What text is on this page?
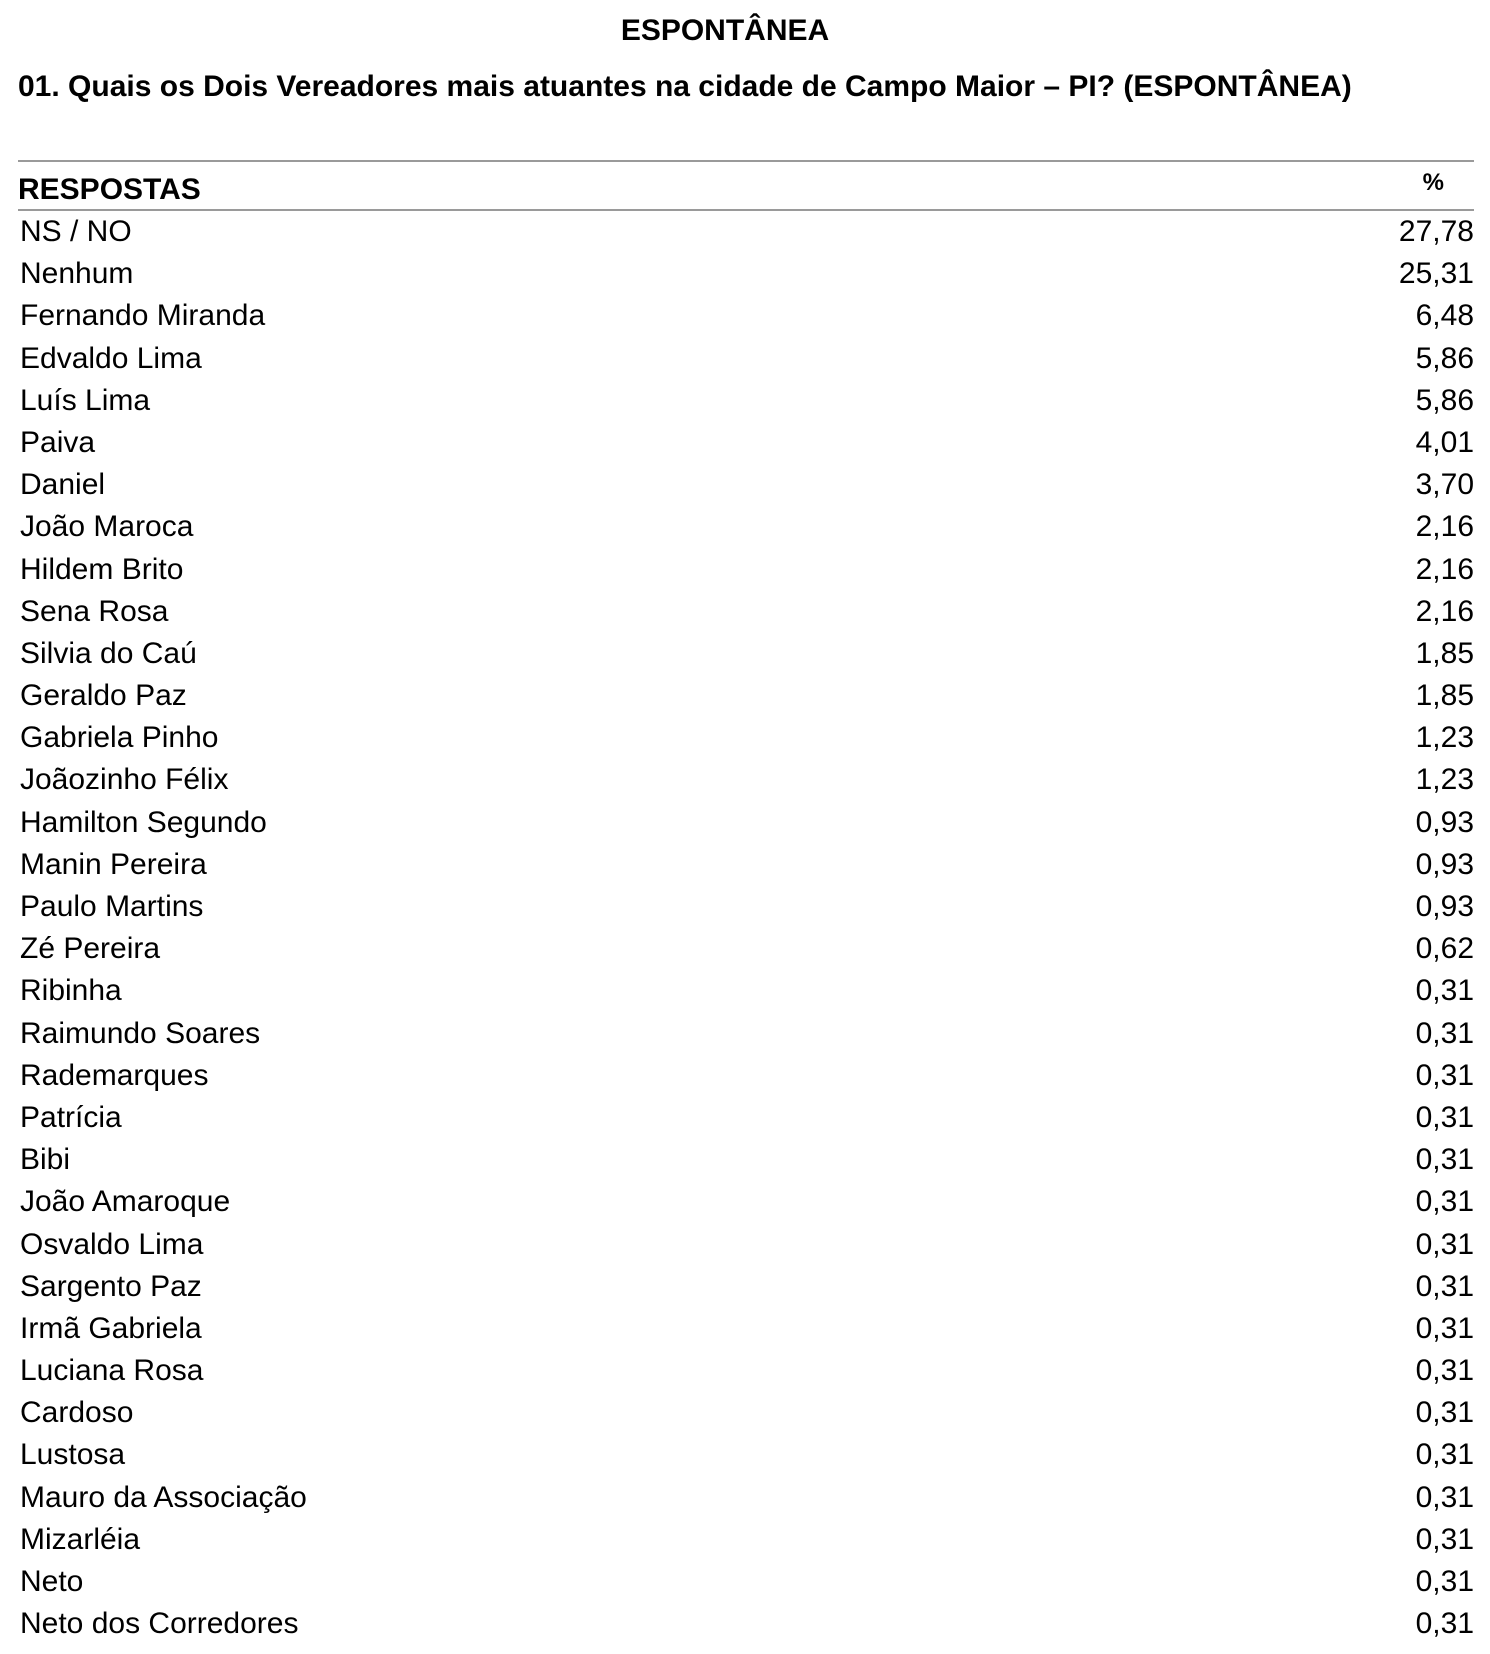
ESPONTÂNEA
01. Quais os Dois Vereadores mais atuantes na cidade de Campo Maior – PI? (ESPONTÂNEA)
RESPOSTAS	%
NS / NO	27,78
Nenhum	25,31
Fernando Miranda	6,48
Edvaldo Lima	5,86
Luís Lima	5,86
Paiva	4,01
Daniel	3,70
João Maroca	2,16
Hildem Brito	2,16
Sena Rosa	2,16
Silvia do Caú	1,85
Geraldo Paz	1,85
Gabriela Pinho	1,23
Joãozinho Félix	1,23
Hamilton Segundo	0,93
Manin Pereira	0,93
Paulo Martins	0,93
Zé Pereira	0,62
Ribinha	0,31
Raimundo Soares	0,31
Rademarques	0,31
Patrícia	0,31
Bibi	0,31
João Amaroque	0,31
Osvaldo Lima	0,31
Sargento Paz	0,31
Irmã Gabriela	0,31
Luciana Rosa	0,31
Cardoso	0,31
Lustosa	0,31
Mauro da Associação	0,31
Mizarléia	0,31
Neto	0,31
Neto dos Corredores	0,31
